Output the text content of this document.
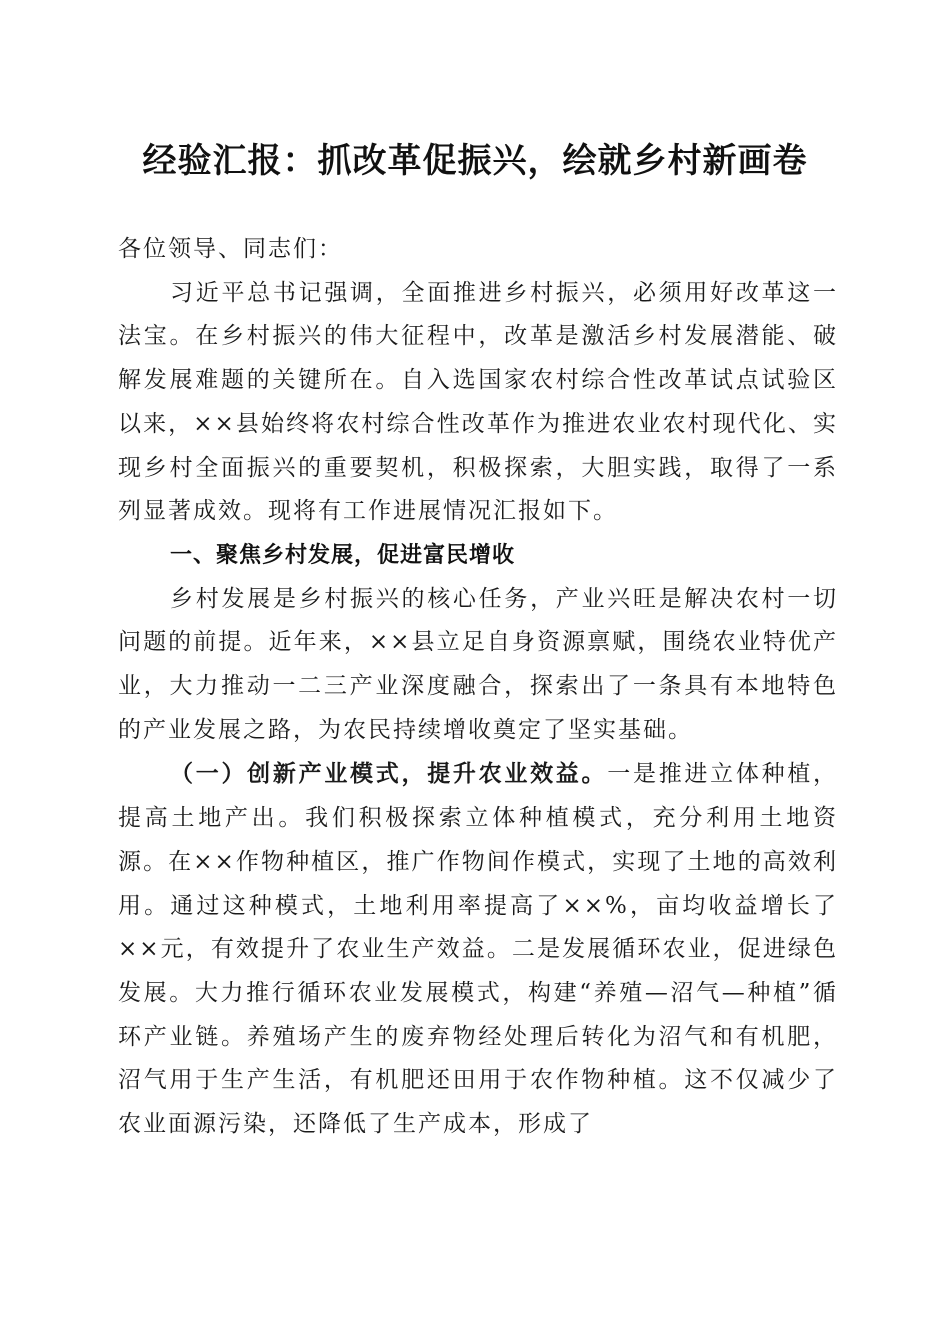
经验汇报：抓改革促振兴，绘就乡村新画卷

各位领导、同志们：

习近平总书记强调，全面推进乡村振兴，必须用好改革这一法宝。在乡村振兴的伟大征程中，改革是激活乡村发展潜能、破解发展难题的关键所在。自入选国家农村综合性改革试点试验区以来，××县始终将农村综合性改革作为推进农业农村现代化、实现乡村全面振兴的重要契机，积极探索，大胆实践，取得了一系列显著成效。现将有工作进展情况汇报如下。

一、聚焦乡村发展，促进富民增收

乡村发展是乡村振兴的核心任务，产业兴旺是解决农村一切问题的前提。近年来，××县立足自身资源禀赋，围绕农业特优产业，大力推动一二三产业深度融合，探索出了一条具有本地特色的产业发展之路，为农民持续增收奠定了坚实基础。

（一）创新产业模式，提升农业效益。一是推进立体种植，提高土地产出。我们积极探索立体种植模式，充分利用土地资源。在××作物种植区，推广作物间作模式，实现了土地的高效利用。通过这种模式，土地利用率提高了××%，亩均收益增长了××元，有效提升了农业生产效益。二是发展循环农业，促进绿色发展。大力推行循环农业发展模式，构建“养殖—沼气—种植”循环产业链。养殖场产生的废弃物经处理后转化为沼气和有机肥，沼气用于生产生活，有机肥还田用于农作物种植。这不仅减少了农业面源污染，还降低了生产成本，形成了
